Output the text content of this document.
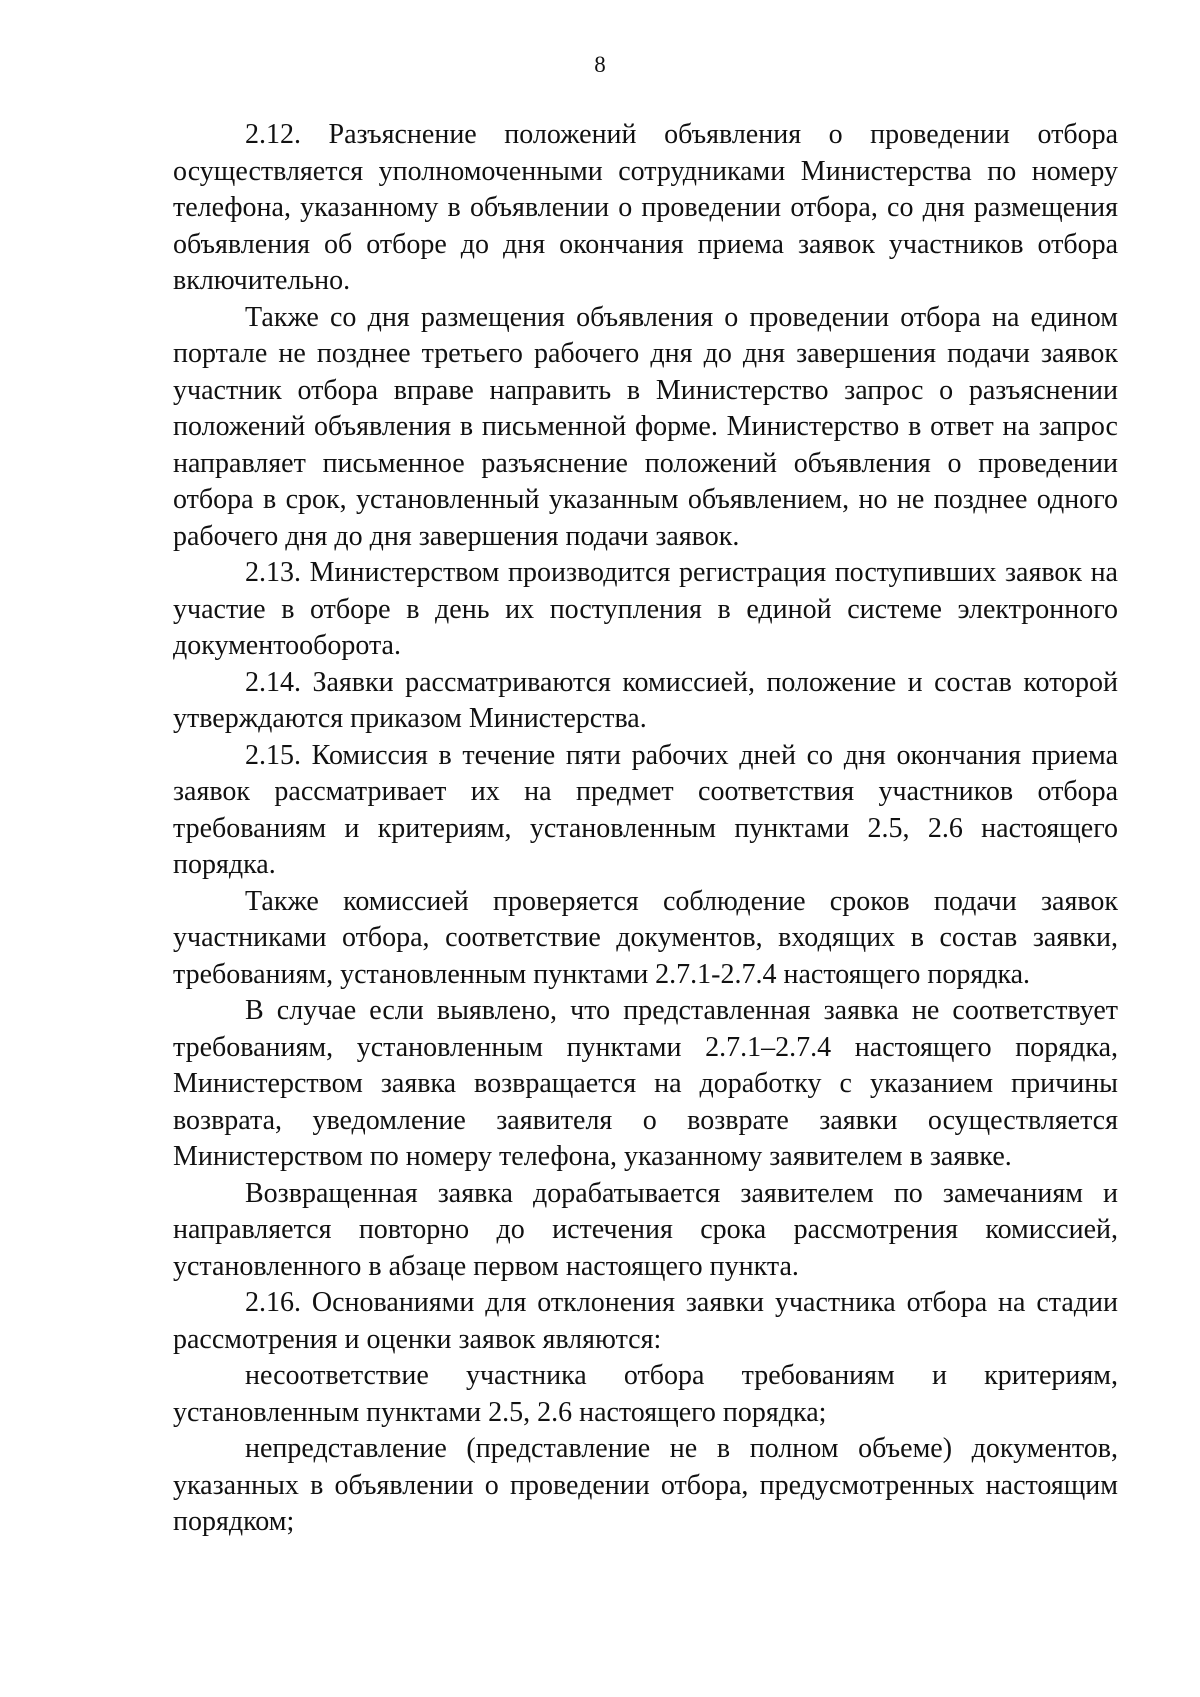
8

2.12. Разъяснение положений объявления о проведении отбора осуществляется уполномоченными сотрудниками Министерства по номеру телефона, указанному в объявлении о проведении отбора, со дня размещения объявления об отборе до дня окончания приема заявок участников отбора включительно.

Также со дня размещения объявления о проведении отбора на едином портале не позднее третьего рабочего дня до дня завершения подачи заявок участник отбора вправе направить в Министерство запрос о разъяснении положений объявления в письменной форме. Министерство в ответ на запрос направляет письменное разъяснение положений объявления о проведении отбора в срок, установленный указанным объявлением, но не позднее одного рабочего дня до дня завершения подачи заявок.

2.13. Министерством производится регистрация поступивших заявок на участие в отборе в день их поступления в единой системе электронного документооборота.

2.14. Заявки рассматриваются комиссией, положение и состав которой утверждаются приказом Министерства.

2.15. Комиссия в течение пяти рабочих дней со дня окончания приема заявок рассматривает их на предмет соответствия участников отбора требованиям и критериям, установленным пунктами 2.5, 2.6 настоящего порядка.

Также комиссией проверяется соблюдение сроков подачи заявок участниками отбора, соответствие документов, входящих в состав заявки, требованиям, установленным пунктами 2.7.1-2.7.4 настоящего порядка.

В случае если выявлено, что представленная заявка не соответствует требованиям, установленным пунктами 2.7.1–2.7.4 настоящего порядка, Министерством заявка возвращается на доработку с указанием причины возврата, уведомление заявителя о возврате заявки осуществляется Министерством по номеру телефона, указанному заявителем в заявке.

Возвращенная заявка дорабатывается заявителем по замечаниям и направляется повторно до истечения срока рассмотрения комиссией, установленного в абзаце первом настоящего пункта.

2.16. Основаниями для отклонения заявки участника отбора на стадии рассмотрения и оценки заявок являются:

несоответствие участника отбора требованиям и критериям, установленным пунктами 2.5, 2.6 настоящего порядка;

непредставление (представление не в полном объеме) документов, указанных в объявлении о проведении отбора, предусмотренных настоящим порядком;
